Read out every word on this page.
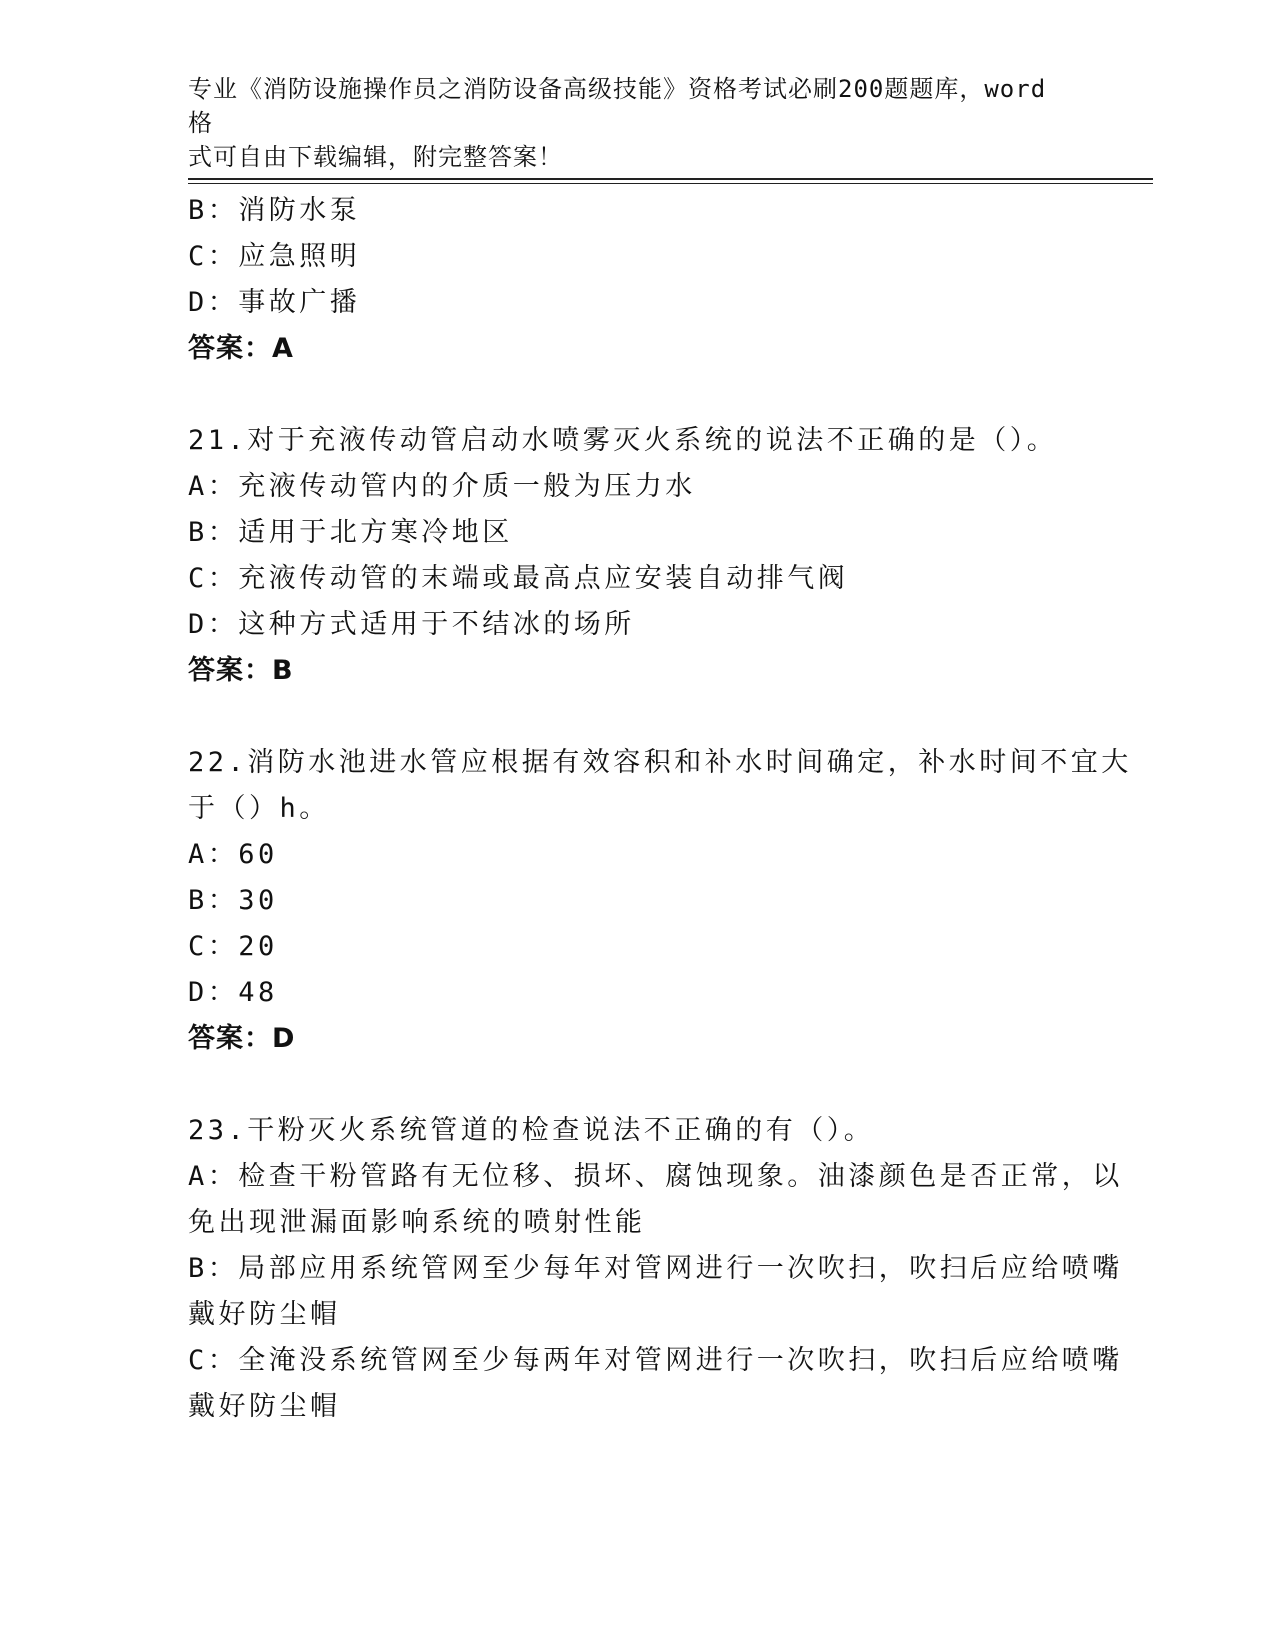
专业《消防设施操作员之消防设备高级技能》资格考试必刷200题题库，word 格
式可自由下载编辑，附完整答案！

B：消防水泵

C：应急照明

D：事故广播

答案：A

21.对于充液传动管启动水喷雾灭火系统的说法不正确的是（）。

A：充液传动管内的介质一般为压力水

B：适用于北方寒冷地区

C：充液传动管的末端或最高点应安装自动排气阀

D：这种方式适用于不结冰的场所

答案：B

22.消防水池进水管应根据有效容积和补水时间确定，补水时间不宜大

于（）h。

A：60

B：30

C：20

D：48

答案：D

23.干粉灭火系统管道的检查说法不正确的有（）。

A：检查干粉管路有无位移、损坏、腐蚀现象。油漆颜色是否正常，以

免出现泄漏面影响系统的喷射性能

B：局部应用系统管网至少每年对管网进行一次吹扫，吹扫后应给喷嘴

戴好防尘帽

C：全淹没系统管网至少每两年对管网进行一次吹扫，吹扫后应给喷嘴

戴好防尘帽
